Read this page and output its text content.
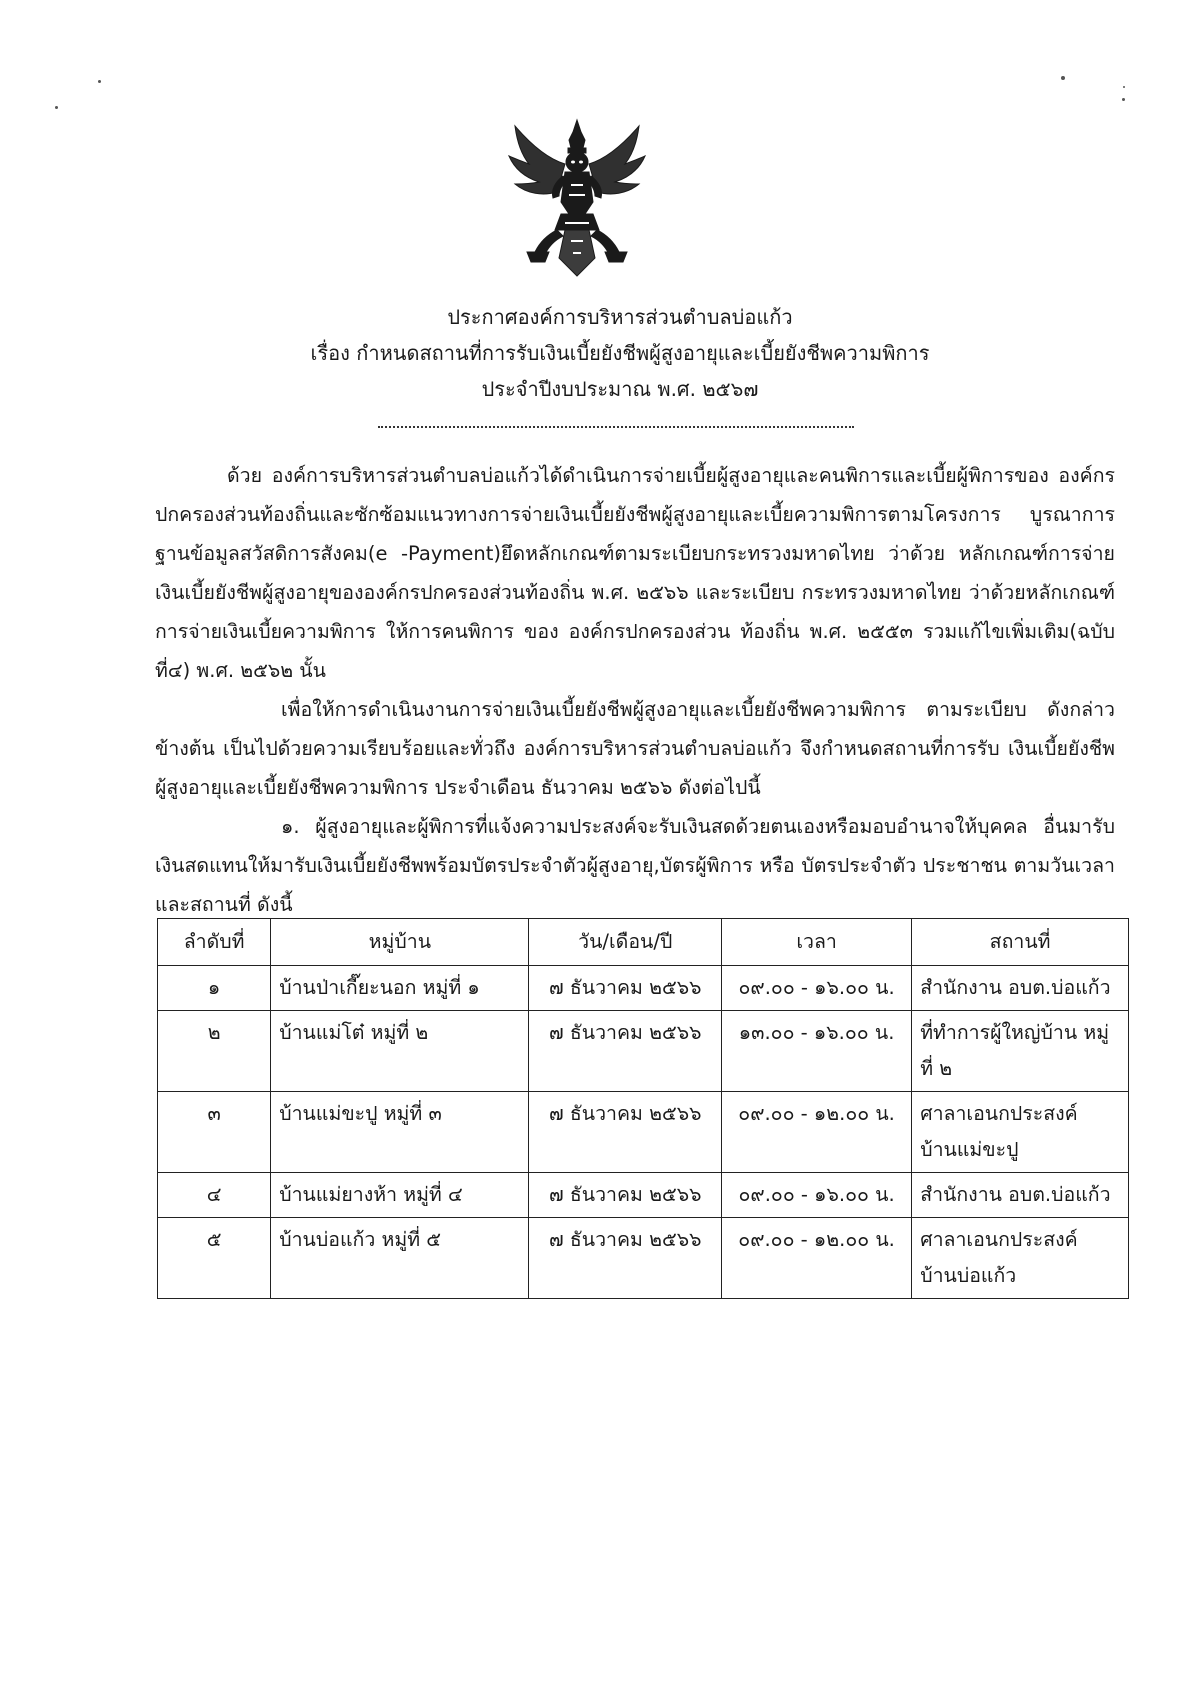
ประกาศองค์การบริหารส่วนตำบลบ่อแก้ว
เรื่อง กำหนดสถานที่การรับเงินเบี้ยยังชีพผู้สูงอายุและเบี้ยยังชีพความพิการ
ประจำปีงบประมาณ พ.ศ. ๒๕๖๗

ด้วย องค์การบริหารส่วนตำบลบ่อแก้วได้ดำเนินการจ่ายเบี้ยผู้สูงอายุและคนพิการและเบี้ยผู้พิการของ องค์กรปกครองส่วนท้องถิ่นและซักซ้อมแนวทางการจ่ายเงินเบี้ยยังชีพผู้สูงอายุและเบี้ยความพิการตามโครงการ บูรณาการฐานข้อมูลสวัสดิการสังคม(e -Payment)ยึดหลักเกณฑ์ตามระเบียบกระทรวงมหาดไทย ว่าด้วย หลักเกณฑ์การจ่ายเงินเบี้ยยังชีพผู้สูงอายุขององค์กรปกครองส่วนท้องถิ่น พ.ศ. ๒๕๖๖ และระเบียบ กระทรวงมหาดไทย ว่าด้วยหลักเกณฑ์การจ่ายเงินเบี้ยความพิการ ให้การคนพิการ ของ องค์กรปกครองส่วน ท้องถิ่น พ.ศ. ๒๕๕๓ รวมแก้ไขเพิ่มเติม(ฉบับที่๔) พ.ศ. ๒๕๖๒ นั้น

เพื่อให้การดำเนินงานการจ่ายเงินเบี้ยยังชีพผู้สูงอายุและเบี้ยยังชีพความพิการ ตามระเบียบ ดังกล่าวข้างต้น เป็นไปด้วยความเรียบร้อยและทั่วถึง องค์การบริหารส่วนตำบลบ่อแก้ว จึงกำหนดสถานที่การรับ เงินเบี้ยยังชีพผู้สูงอายุและเบี้ยยังชีพความพิการ ประจำเดือน ธันวาคม ๒๕๖๖ ดังต่อไปนี้

๑. ผู้สูงอายุและผู้พิการที่แจ้งความประสงค์จะรับเงินสดด้วยตนเองหรือมอบอำนาจให้บุคคล อื่นมารับเงินสดแทนให้มารับเงินเบี้ยยังชีพพร้อมบัตรประจำตัวผู้สูงอายุ,บัตรผู้พิการ หรือ บัตรประจำตัว ประชาชน ตามวันเวลา และสถานที่ ดังนี้

ลำดับที่	หมู่บ้าน	วัน/เดือน/ปี	เวลา	สถานที่
๑	บ้านป่าเกี๊ยะนอก หมู่ที่ ๑	๗ ธันวาคม ๒๕๖๖	๐๙.๐๐ - ๑๖.๐๐ น.	สำนักงาน อบต.บ่อแก้ว
๒	บ้านแม่โต๋ หมู่ที่ ๒	๗ ธันวาคม ๒๕๖๖	๑๓.๐๐ - ๑๖.๐๐ น.	ที่ทำการผู้ใหญ่บ้าน หมู่ที่ ๒
๓	บ้านแม่ขะปู หมู่ที่ ๓	๗ ธันวาคม ๒๕๖๖	๐๙.๐๐ - ๑๒.๐๐ น.	ศาลาเอนกประสงค์ บ้านแม่ขะปู
๔	บ้านแม่ยางห้า หมู่ที่ ๔	๗ ธันวาคม ๒๕๖๖	๐๙.๐๐ - ๑๖.๐๐ น.	สำนักงาน อบต.บ่อแก้ว
๕	บ้านบ่อแก้ว หมู่ที่ ๕	๗ ธันวาคม ๒๕๖๖	๐๙.๐๐ - ๑๒.๐๐ น.	ศาลาเอนกประสงค์ บ้านบ่อแก้ว
